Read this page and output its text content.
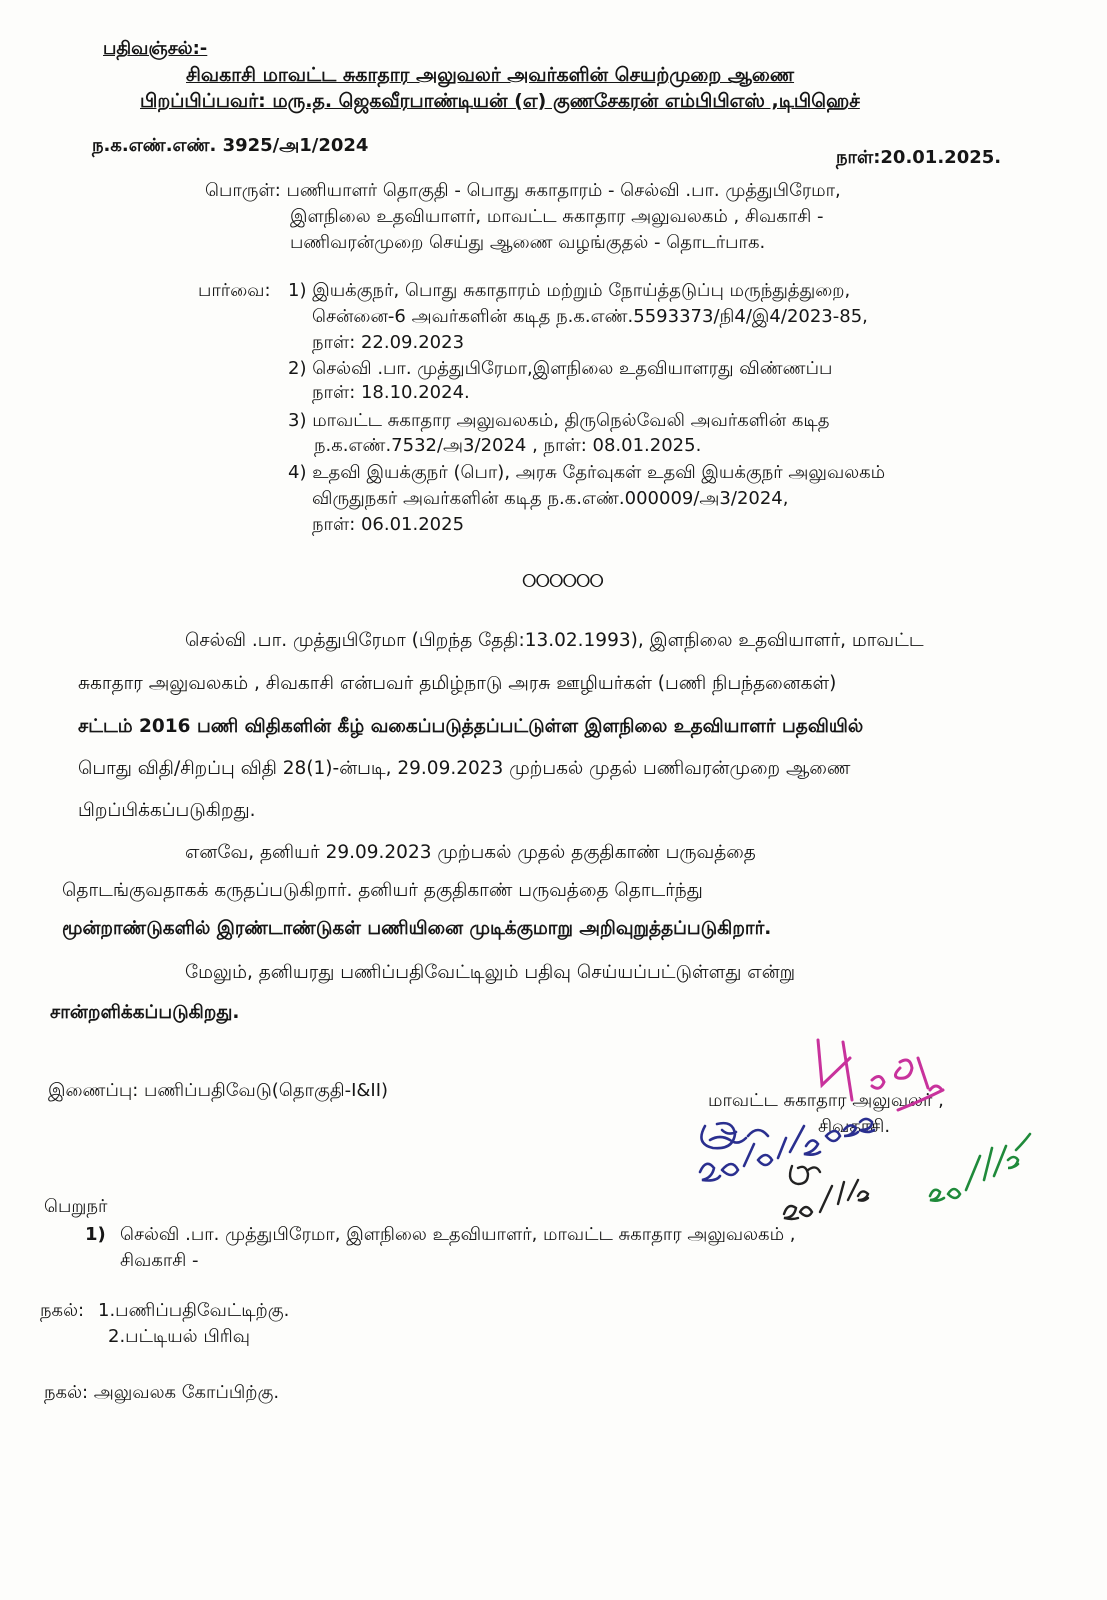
பதிவஞ்சல்:-
சிவகாசி மாவட்ட சுகாதார அலுவலர் அவர்களின் செயற்முறை ஆணை
பிறப்பிப்பவர்: மரு.த. ஜெகவீரபாண்டியன் (எ) குணசேகரன் எம்பிபிஎஸ் ,டிபிஹெச்
ந.க.எண்.எண். 3925/அ1/2024
நாள்:20.01.2025.
பொருள்: பணியாளர் தொகுதி - பொது சுகாதாரம் - செல்வி .பா. முத்துபிரேமா,
இளநிலை உதவியாளர், மாவட்ட சுகாதார அலுவலகம் , சிவகாசி -
பணிவரன்முறை செய்து ஆணை வழங்குதல் - தொடர்பாக.
பார்வை: 1) இயக்குநர், பொது சுகாதாரம் மற்றும் நோய்த்தடுப்பு மருந்துத்துறை,
சென்னை-6 அவர்களின் கடித ந.க.எண்.5593373/நி4/இ4/2023-85,
நாள்: 22.09.2023
2) செல்வி .பா. முத்துபிரேமா,இளநிலை உதவியாளரது விண்ணப்ப
நாள்: 18.10.2024.
3) மாவட்ட சுகாதார அலுவலகம், திருநெல்வேலி அவர்களின் கடித
ந.க.எண்.7532/அ3/2024 , நாள்: 08.01.2025.
4) உதவி இயக்குநர் (பொ), அரசு தேர்வுகள் உதவி இயக்குநர் அலுவலகம்
விருதுநகர் அவர்களின் கடித ந.க.எண்.000009/அ3/2024,
நாள்: 06.01.2025
୦୦୦୦୦୦
செல்வி .பா. முத்துபிரேமா (பிறந்த தேதி:13.02.1993), இளநிலை உதவியாளர், மாவட்ட
சுகாதார அலுவலகம் , சிவகாசி என்பவர் தமிழ்நாடு அரசு ஊழியர்கள் (பணி நிபந்தனைகள்)
சட்டம் 2016 பணி விதிகளின் கீழ் வகைப்படுத்தப்பட்டுள்ள இளநிலை உதவியாளர் பதவியில்
பொது விதி/சிறப்பு விதி 28(1)-ன்படி, 29.09.2023 முற்பகல் முதல் பணிவரன்முறை ஆணை
பிறப்பிக்கப்படுகிறது.
எனவே, தனியர் 29.09.2023 முற்பகல் முதல் தகுதிகாண் பருவத்தை
தொடங்குவதாகக் கருதப்படுகிறார். தனியர் தகுதிகாண் பருவத்தை தொடர்ந்து
மூன்றாண்டுகளில் இரண்டாண்டுகள் பணியினை முடிக்குமாறு அறிவுறுத்தப்படுகிறார்.
மேலும், தனியரது பணிப்பதிவேட்டிலும் பதிவு செய்யப்பட்டுள்ளது என்று
சான்றளிக்கப்படுகிறது.
இணைப்பு: பணிப்பதிவேடு(தொகுதி-I&II)	மாவட்ட சுகாதார அலுவலர் ,
சிவகாசி.
பெறுநர்
1) செல்வி .பா. முத்துபிரேமா, இளநிலை உதவியாளர், மாவட்ட சுகாதார அலுவலகம் ,
சிவகாசி -
நகல்: 1.பணிப்பதிவேட்டிற்கு.
2.பட்டியல் பிரிவு
நகல்: அலுவலக கோப்பிற்கு.
